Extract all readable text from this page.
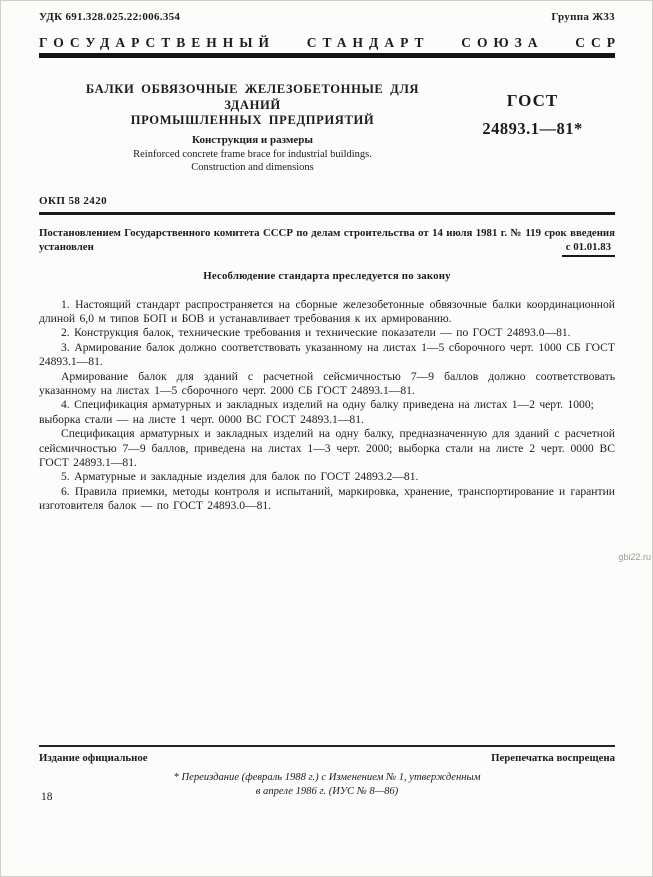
УДК 691.328.025.22:006.354	Группа Ж33
ГОСУДАРСТВЕННЫЙ СТАНДАРТ СОЮЗА ССР
БАЛКИ ОБВЯЗОЧНЫЕ ЖЕЛЕЗОБЕТОННЫЕ ДЛЯ ЗДАНИЙ
ПРОМЫШЛЕННЫХ ПРЕДПРИЯТИЙ
Конструкция и размеры
Reinforced concrete frame brace for industrial buildings.
Construction and dimensions
ГОСТ
24893.1—81*
ОКП 58 2420
Постановлением Государственного комитета СССР по делам строительства от 14 июля 1981 г. № 119 срок введения
установлен	с 01.01.83
Несоблюдение стандарта преследуется по закону

1. Настоящий стандарт распространяется на сборные железобетонные обвязочные балки координационной длиной 6,0 м типов БОП и БОВ и устанавливает требования к их армированию.

2. Конструкция балок, технические требования и технические показатели — по ГОСТ 24893.0—81.

3. Армирование балок должно соответствовать указанному на листах 1—5 сборочного черт. 1000 СБ ГОСТ 24893.1—81.

Армирование балок для зданий с расчетной сейсмичностью 7—9 баллов должно соответствовать указанному на листах 1—5 сборочного черт. 2000 СБ ГОСТ 24893.1—81.

4. Спецификация арматурных и закладных изделий на одну балку приведена на листах 1—2 черт. 1000;

выборка стали — на листе 1 черт. 0000 ВС ГОСТ 24893.1—81.

Спецификация арматурных и закладных изделий на одну балку, предназначенную для зданий с расчетной сейсмичностью 7—9 баллов, приведена на листах 1—3 черт. 2000; выборка стали на листе 2 черт. 0000 ВС ГОСТ 24893.1—81.

5. Арматурные и закладные изделия для балок по ГОСТ 24893.2—81.

6. Правила приемки, методы контроля и испытаний, маркировка, хранение, транспортирование и гарантии изготовителя балок — по ГОСТ 24893.0—81.

Издание официальное	Перепечатка воспрещена
* Переиздание (февраль 1988 г.) с Изменением № 1, утвержденным
в апреле 1986 г. (ИУС № 8—86)
18
gbi22.ru
